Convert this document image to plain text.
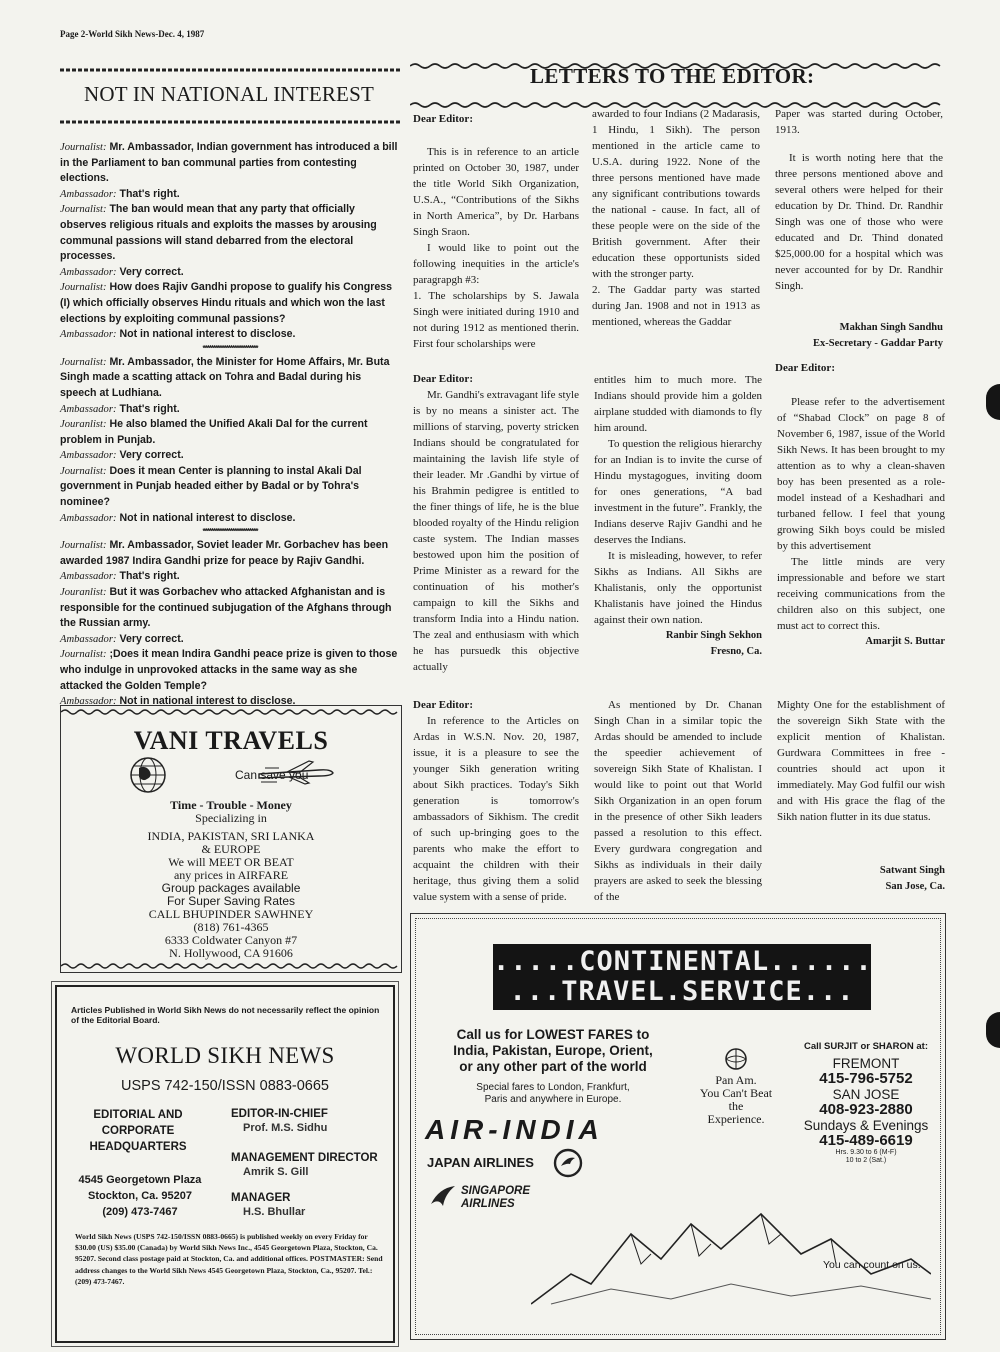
Page 2-World Sikh News-Dec. 4, 1987
NOT IN NATIONAL INTEREST

Journalist: Mr. Ambassador, Indian government has introduced a bill in the Parliament to ban communal parties from contesting elections.

Ambassador: That's right.

Journalist: The ban would mean that any party that officially observes religious rituals and exploits the masses by arousing communal passions will stand debarred from the electoral processes.

Ambassador: Very correct.

Journalist: How does Rajiv Gandhi propose to gualify his Congress (I) which officially observes Hindu rituals and which won the last elections by exploiting communal passions?

Ambassador: Not in national interest to disclose.

**************************

Journalist: Mr. Ambassador, the Minister for Home Affairs, Mr. Buta Singh made a scatting attack on Tohra and Badal during his speech at Ludhiana.

Ambassador: That's right.

Jouranlist: He also blamed the Unified Akali Dal for the current problem in Punjab.

Ambassador: Very correct.

Journalist: Does it mean Center is planning to instal Akali Dal government in Punjab headed either by Badal or by Tohra's nominee?

Ambassador: Not in national interest to disclose.

**************************

Journalist: Mr. Ambassador, Soviet leader Mr. Gorbachev has been awarded 1987 Indira Gandhi prize for peace by Rajiv Gandhi.

Ambassador: That's right.

Jouranlist: But it was Gorbachev who attacked Afghanistan and is responsible for the continued subjugation of the Afghans through the Russian army.

Ambassador: Very correct.

Journalist: ;Does it mean Indira Gandhi peace prize is given to those who indulge in unprovoked attacks in the same way as she attacked the Golden Temple?

Ambassador: Not in national interest to disclose.

VANI TRAVELS
Can save you
Time - Trouble - Money
Specializing in
INDIA, PAKISTAN, SRI LANKA
& EUROPE
We will MEET OR BEAT
any prices in AIRFARE
Group packages available
For Super Saving Rates
CALL BHUPINDER SAWHNEY
(818) 761-4365
6333 Coldwater Canyon #7
N. Hollywood, CA 91606
Articles Published in World Sikh News do not necessarily reflect the opinion of the Editorial Board.
WORLD SIKH NEWS
USPS 742-150/ISSN 0883-0665
EDITORIAL AND
CORPORATE
HEADQUARTERS
4545 Georgetown Plaza
Stockton, Ca. 95207
(209) 473-7467
EDITOR-IN-CHIEF
Prof. M.S. Sidhu
MANAGEMENT DIRECTOR
Amrik S. Gill
MANAGER
H.S. Bhullar
World Sikh News (USPS 742-150/ISSN 0883-0665) is published weekly on every Friday for $30.00 (US) $35.00 (Canada) by World Sikh News Inc., 4545 Georgetown Plaza, Stockton, Ca. 95207. Second class postage paid at Stockton, Ca. and additional offices. POSTMASTER: Send address changes to the World Sikh News 4545 Georgetown Plaza, Stockton, Ca., 95207. Tel.: (209) 473-7467.
LETTERS TO THE EDITOR:

Dear Editor:

This is in reference to an article printed on October 30, 1987, under the title World Sikh Organization, U.S.A., “Contributions of the Sikhs in North America”, by Dr. Harbans Singh Sraon.

I would like to point out the following inequities in the article's paragrapgh #3:

1. The scholarships by S. Jawala Singh were initiated during 1910 and not during 1912 as mentioned therin. First four scholarships were

awarded to four Indians (2 Madarasis, 1 Hindu, 1 Sikh). The person mentioned in the article came to U.S.A. during 1922. None of the three persons mentioned have made any significant contributions towards the national - cause. In fact, all of these people were on the side of the British government. After their education these opportunists sided with the stronger party.

2. The Gaddar party was started during Jan. 1908 and not in 1913 as mentioned, whereas the Gaddar

Paper was started during October, 1913.

It is worth noting here that the three persons mentioned above and several others were helped for their education by Dr. Thind. Dr. Randhir Singh was one of those who were educated and Dr. Thind donated $25,000.00 for a hospital which was never accounted for by Dr. Randhir Singh.

Makhan Singh Sandhu

Ex-Secretary - Gaddar Party

Dear Editor:

Dear Editor:

Mr. Gandhi's extravagant life style is by no means a sinister act. The millions of starving, poverty stricken Indians should be congratulated for maintaining the lavish life style of their leader. Mr .Gandhi by virtue of his Brahmin pedigree is entitled to the finer things of life, he is the blue blooded royalty of the Hindu religion caste system. The Indian masses bestowed upon him the position of Prime Minister as a reward for the continuation of his mother's campaign to kill the Sikhs and transform India into a Hindu nation. The zeal and enthusiasm with which he has pursuedk this objective actually

entitles him to much more. The Indians should provide him a golden airplane studded with diamonds to fly him around.

To question the religious hierarchy for an Indian is to invite the curse of Hindu mystagogues, inviting doom for ones generations, “A bad investment in the future”. Frankly, the Indians deserve Rajiv Gandhi and he deserves the Indians.

It is misleading, however, to refer Sikhs as Indians. All Sikhs are Khalistanis, only the opportunist Khalistanis have joined the Hindus against their own nation.

Ranbir Singh Sekhon

Fresno, Ca.

Please refer to the advertisement of “Shabad Clock” on page 8 of November 6, 1987, issue of the World Sikh News. It has been brought to my attention as to why a clean-shaven boy has been presented as a role-model instead of a Keshadhari and turbaned fellow. I feel that young growing Sikh boys could be misled by this advertisement

The little minds are very impressionable and before we start receiving communications from the children also on this subject, one must act to correct this.

Amarjit S. Buttar

Dear Editor:

In reference to the Articles on Ardas in W.S.N. Nov. 20, 1987, issue, it is a pleasure to see the younger Sikh generation writing about Sikh practices. Today's Sikh generation is tomorrow's ambassadors of Sikhism. The credit of such up-bringing goes to the parents who make the effort to acquaint the children with their heritage, thus giving them a solid value system with a sense of pride.

As mentioned by Dr. Chanan Singh Chan in a similar topic the Ardas should be amended to include the speedier achievement of sovereign Sikh State of Khalistan. I would like to point out that World Sikh Organization in an open forum in the presence of other Sikh leaders passed a resolution to this effect. Every gurdwara congregation and Sikhs as individuals in their daily prayers are asked to seek the blessing of the

Mighty One for the establishment of the sovereign Sikh State with the explicit mention of Khalistan. Gurdwara Committees in free - countries should act upon it immediately. May God fulfil our wish and with His grace the flag of the Sikh nation flutter in its due status.

Satwant Singh

San Jose, Ca.

.....CONTINENTAL......
...TRAVEL.SERVICE...
Call us for LOWEST FARES to
India, Pakistan, Europe, Orient,
or any other part of the world
Special fares to London, Frankfurt,
Paris and anywhere in Europe.
AIR-INDIA
JAPAN AIRLINES
SINGAPORE
AIRLINES
Pan Am.
You Can't Beat
the
Experience.
Call SURJIT or SHARON at:
FREMONT
415-796-5752
SAN JOSE
408-923-2880
Sundays & Evenings
415-489-6619
Hrs. 9.30 to 6 (M-F)
10 to 2 (Sat.)
You can count on us.
